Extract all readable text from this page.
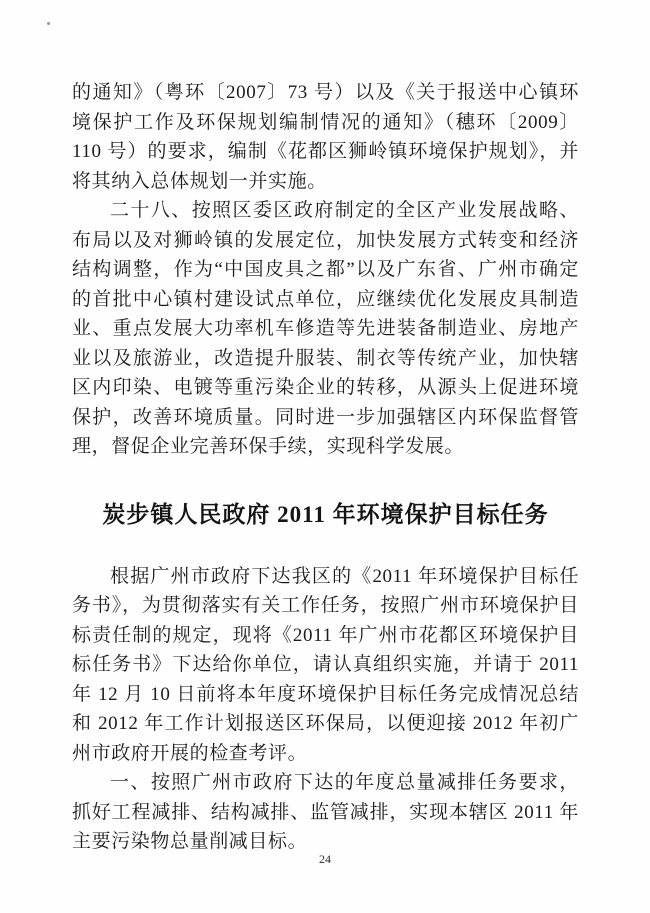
的通知》（粤环〔2007〕73 号）以及《关于报送中心镇环境保护工作及环保规划编制情况的通知》（穗环〔2009〕110 号）的要求，编制《花都区狮岭镇环境保护规划》，并将其纳入总体规划一并实施。

二十八、按照区委区政府制定的全区产业发展战略、布局以及对狮岭镇的发展定位，加快发展方式转变和经济结构调整，作为“中国皮具之都”以及广东省、广州市确定的首批中心镇村建设试点单位，应继续优化发展皮具制造业、重点发展大功率机车修造等先进装备制造业、房地产业以及旅游业，改造提升服装、制衣等传统产业，加快辖区内印染、电镀等重污染企业的转移，从源头上促进环境保护，改善环境质量。同时进一步加强辖区内环保监督管理，督促企业完善环保手续，实现科学发展。

炭步镇人民政府 2011 年环境保护目标任务

根据广州市政府下达我区的《2011 年环境保护目标任务书》，为贯彻落实有关工作任务，按照广州市环境保护目标责任制的规定，现将《2011 年广州市花都区环境保护目标任务书》下达给你单位，请认真组织实施，并请于 2011 年 12 月 10 日前将本年度环境保护目标任务完成情况总结和 2012 年工作计划报送区环保局，以便迎接 2012 年初广州市政府开展的检查考评。

一、按照广州市政府下达的年度总量减排任务要求，抓好工程减排、结构减排、监管减排，实现本辖区 2011 年主要污染物总量削减目标。

24
